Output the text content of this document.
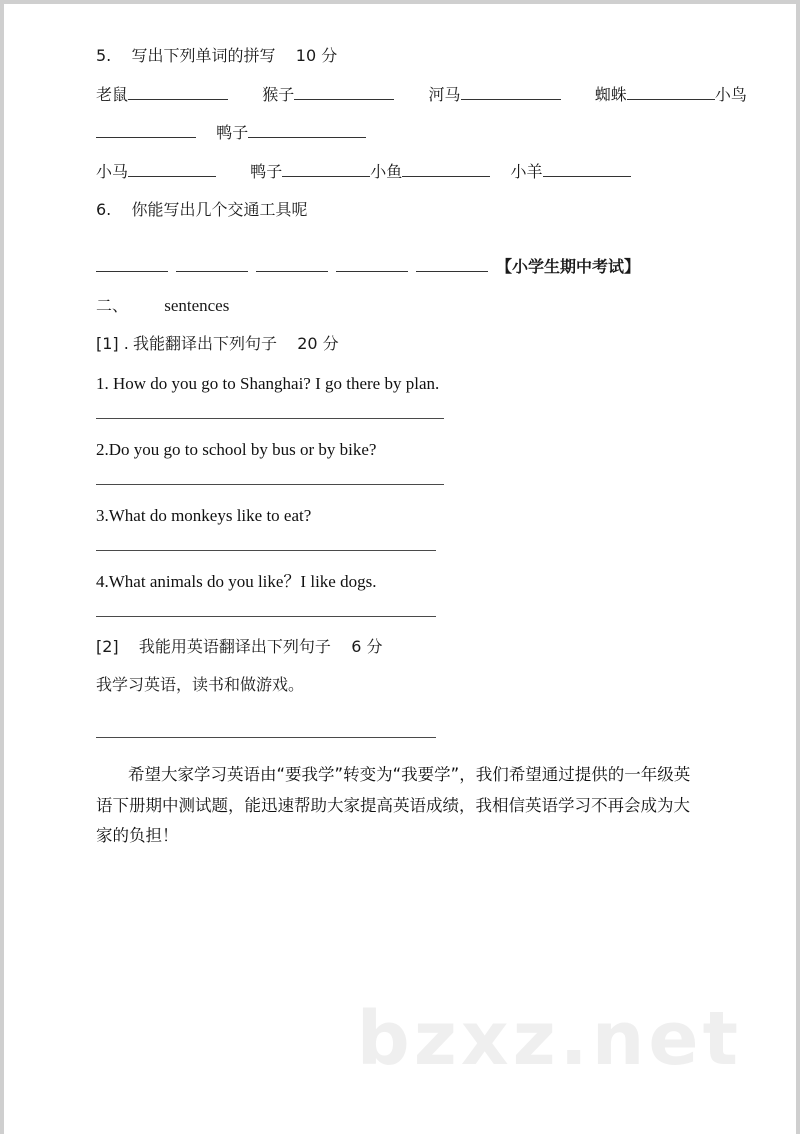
5. 写出下列单词的拼写 10 分
老鼠	猴子	河马	蜘蛛	小鸟
鸭子
小马	鸭子	小鱼	小羊
6. 你能写出几个交通工具呢
【小学生期中考试】
二、 sentences
[1] . 我能翻译出下列句子 20 分
1. How do you go to Shanghai? I go there by plan.
2.Do you go to school by bus or by bike?
3.What do monkeys like to eat?
4.What animals do you like？I like dogs.
[2] 我能用英语翻译出下列句子 6 分
我学习英语，读书和做游戏。
希望大家学习英语由“要我学”转变为“我要学”，我们希望通过提供的一年级英语下册期中测试题，能迅速帮助大家提高英语成绩，我相信英语学习不再会成为大家的负担！
bzxz.net
